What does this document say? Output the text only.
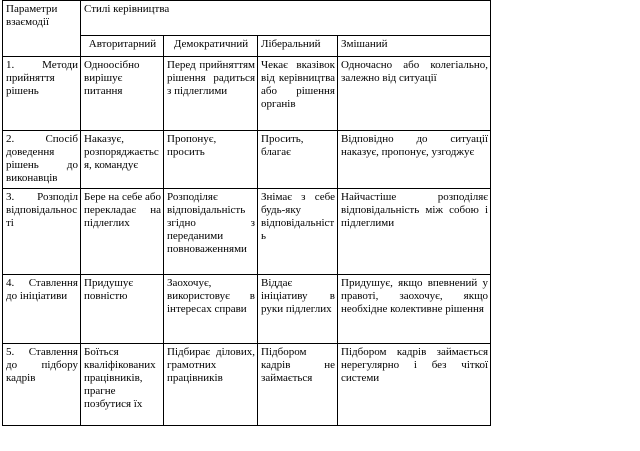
Параметри взаємодії	Стилі керівництва			
	Авторитарний	Демократичний	Ліберальний	Змішаний
1. Методи прийняття рішень	Одноосібно вирішує питання	Перед прийняттям рішення радиться з підлеглими	Чекає вказівок від керівництва або рішення органів	Одночасно або колегіально, залежно від ситуації
2. Спосіб доведення рішень до виконавців	Наказує, розпоряджається, командує	Пропонує, просить	Просить, благає	Відповідно до ситуації наказує, пропонує, узгоджує
3. Розподіл відповідальності	Бере на себе або перекладає на підлеглих	Розподіляє відповідальність згідно з переданими повноваженнями	Знімає з себе будь-яку відповідальність	Найчастіше розподіляє відповідальність між собою і підлеглими
4. Ставлення до ініціативи	Придушує повністю	Заохочує, використовує в інтересах справи	Віддає ініціативу в руки підлеглих	Придушує, якщо впевнений у правоті, заохочує, якщо необхідне колективне рішення
5. Ставлення до підбору кадрів	Боїться кваліфікованих працівників, прагне позбутися їх	Підбирає ділових, грамотних працівників	Підбором кадрів не займається	Підбором кадрів займається нерегулярно і без чіткої системи
